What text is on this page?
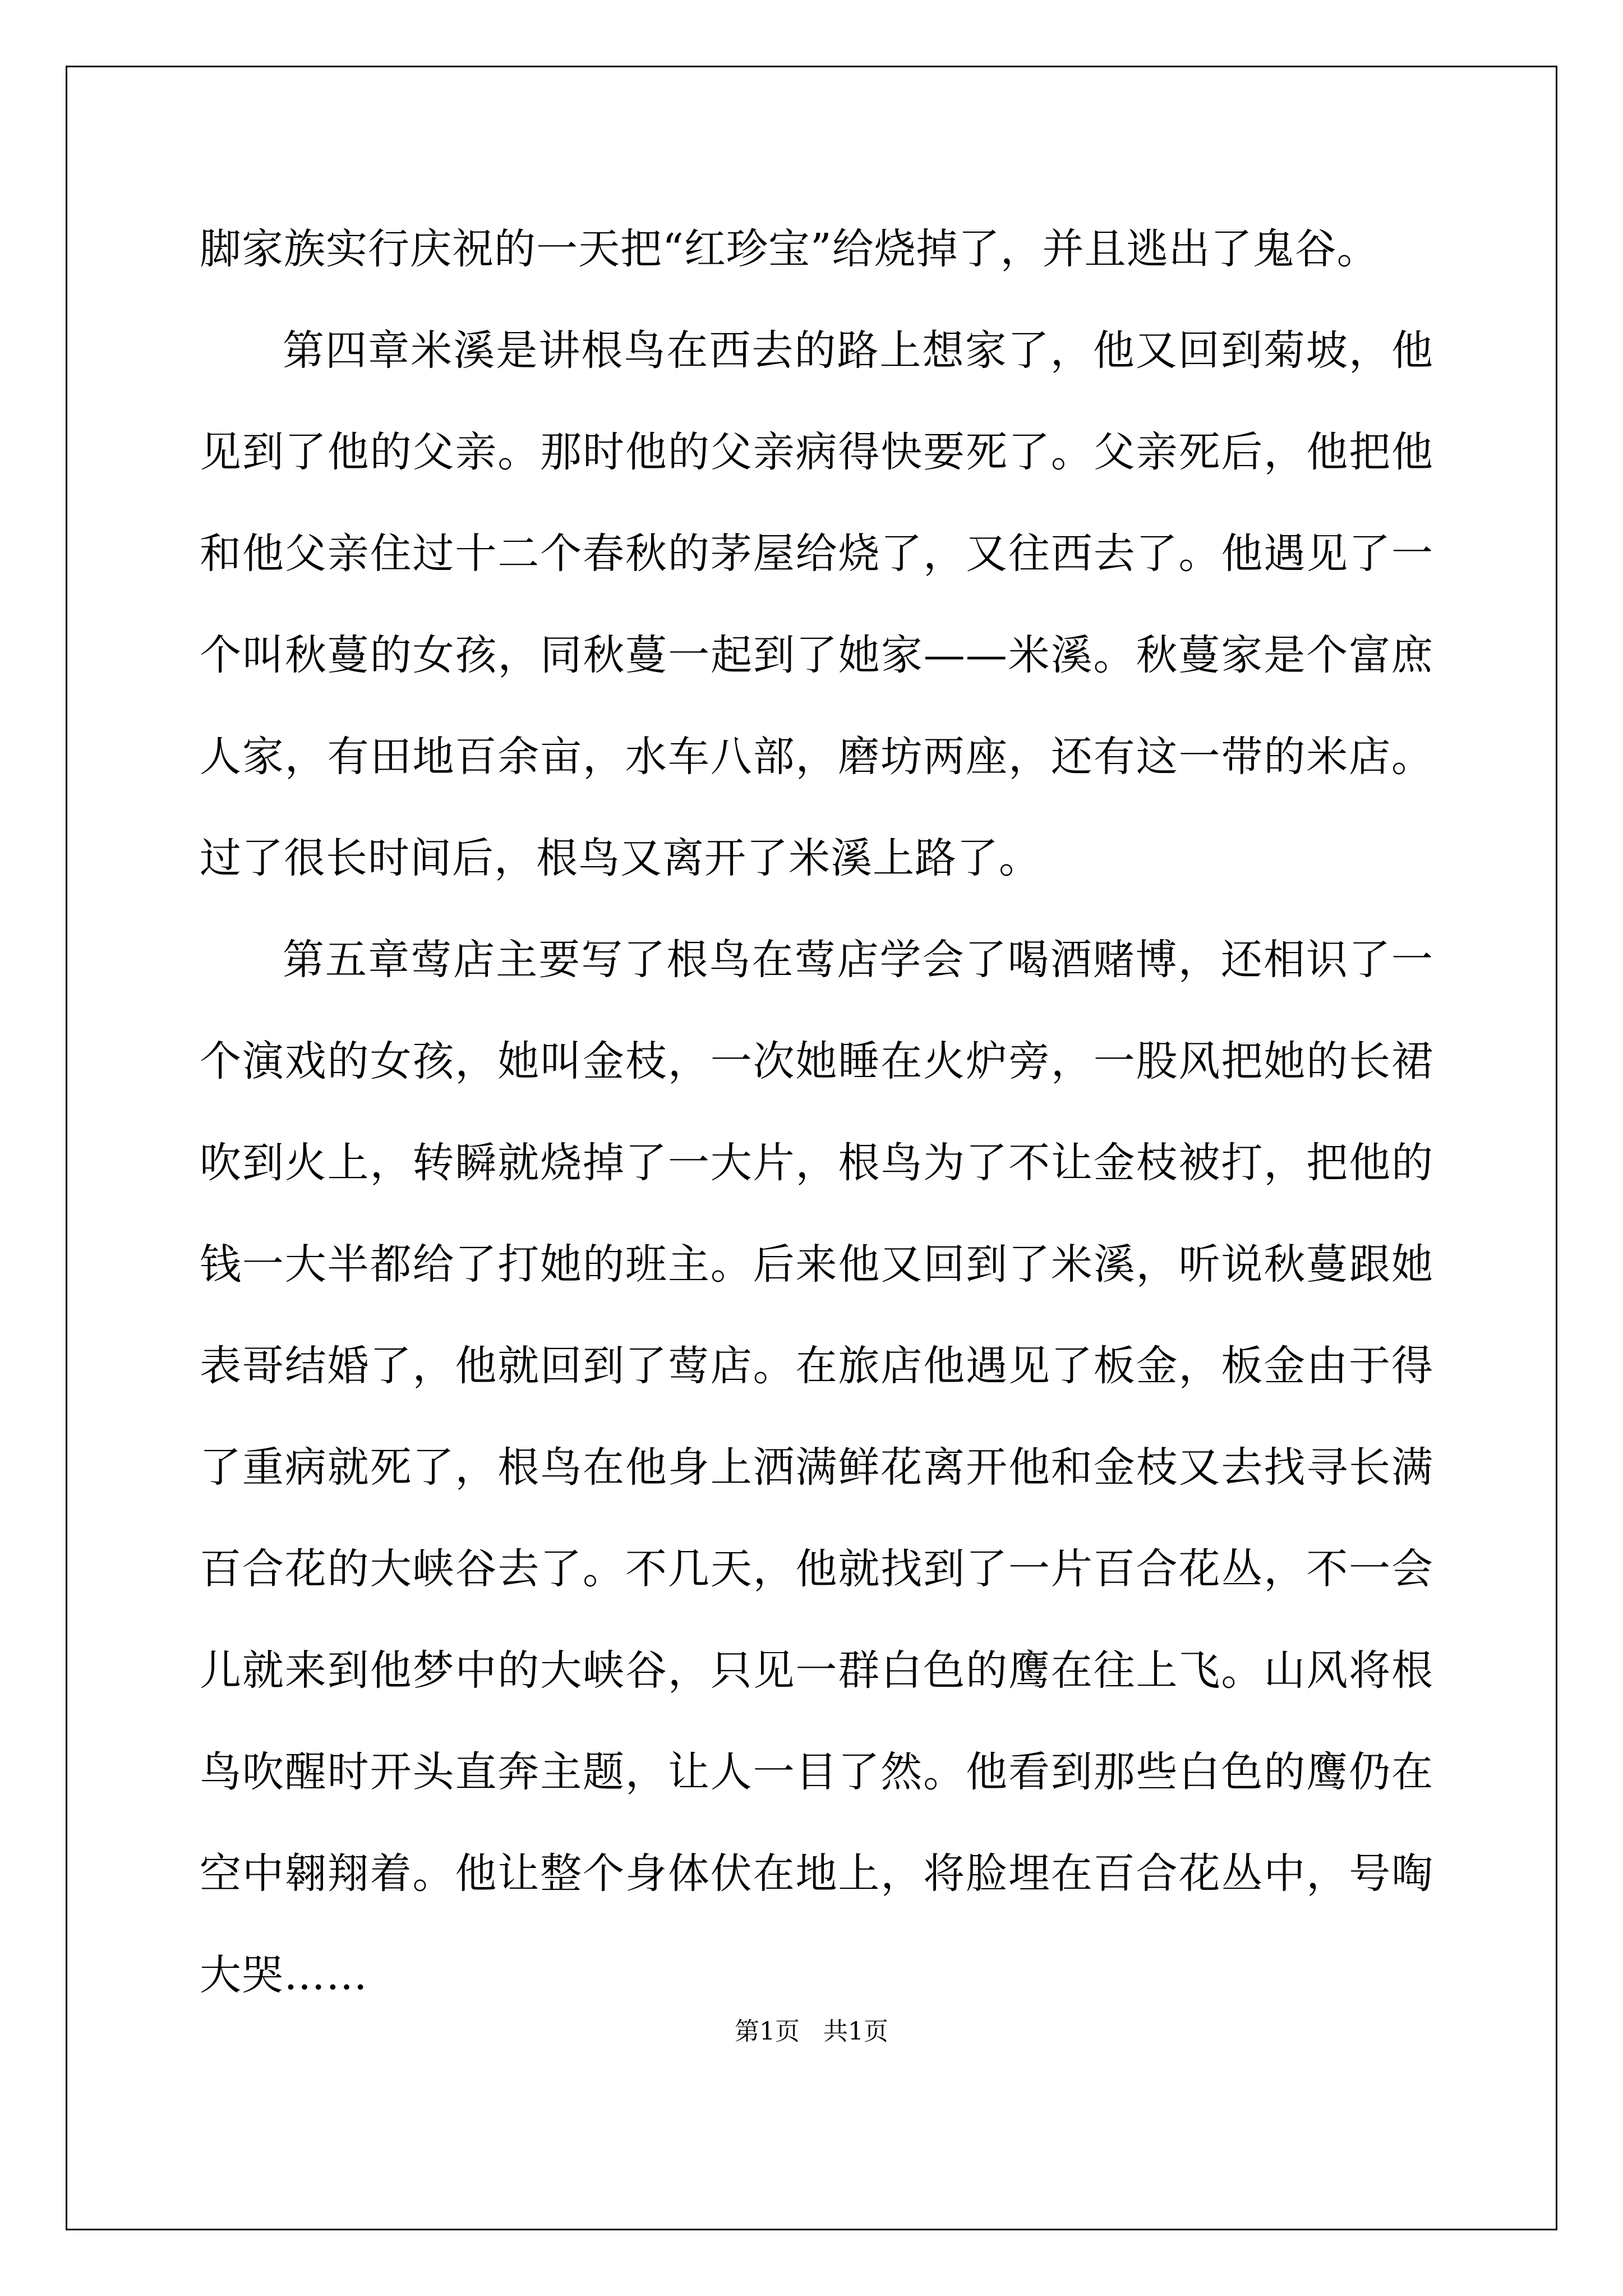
脚家族实行庆祝的一天把“红珍宝”给烧掉了，并且逃出了鬼谷。

第四章米溪是讲根鸟在西去的路上想家了，他又回到菊坡，他见到了他的父亲。那时他的父亲病得快要死了。父亲死后，他把他和他父亲住过十二个春秋的茅屋给烧了，又往西去了。他遇见了一个叫秋蔓的女孩，同秋蔓一起到了她家——米溪。秋蔓家是个富庶人家，有田地百余亩，水车八部，磨坊两座，还有这一带的米店。过了很长时间后，根鸟又离开了米溪上路了。

第五章莺店主要写了根鸟在莺店学会了喝酒赌博，还相识了一个演戏的女孩，她叫金枝，一次她睡在火炉旁，一股风把她的长裙吹到火上，转瞬就烧掉了一大片，根鸟为了不让金枝被打，把他的钱一大半都给了打她的班主。后来他又回到了米溪，听说秋蔓跟她表哥结婚了，他就回到了莺店。在旅店他遇见了板金，板金由于得了重病就死了，根鸟在他身上洒满鲜花离开他和金枝又去找寻长满百合花的大峡谷去了。不几天，他就找到了一片百合花丛，不一会儿就来到他梦中的大峡谷，只见一群白色的鹰在往上飞。山风将根鸟吹醒时开头直奔主题，让人一目了然。他看到那些白色的鹰仍在空中翱翔着。他让整个身体伏在地上，将脸埋在百合花丛中，号啕大哭……

第1页   共1页
